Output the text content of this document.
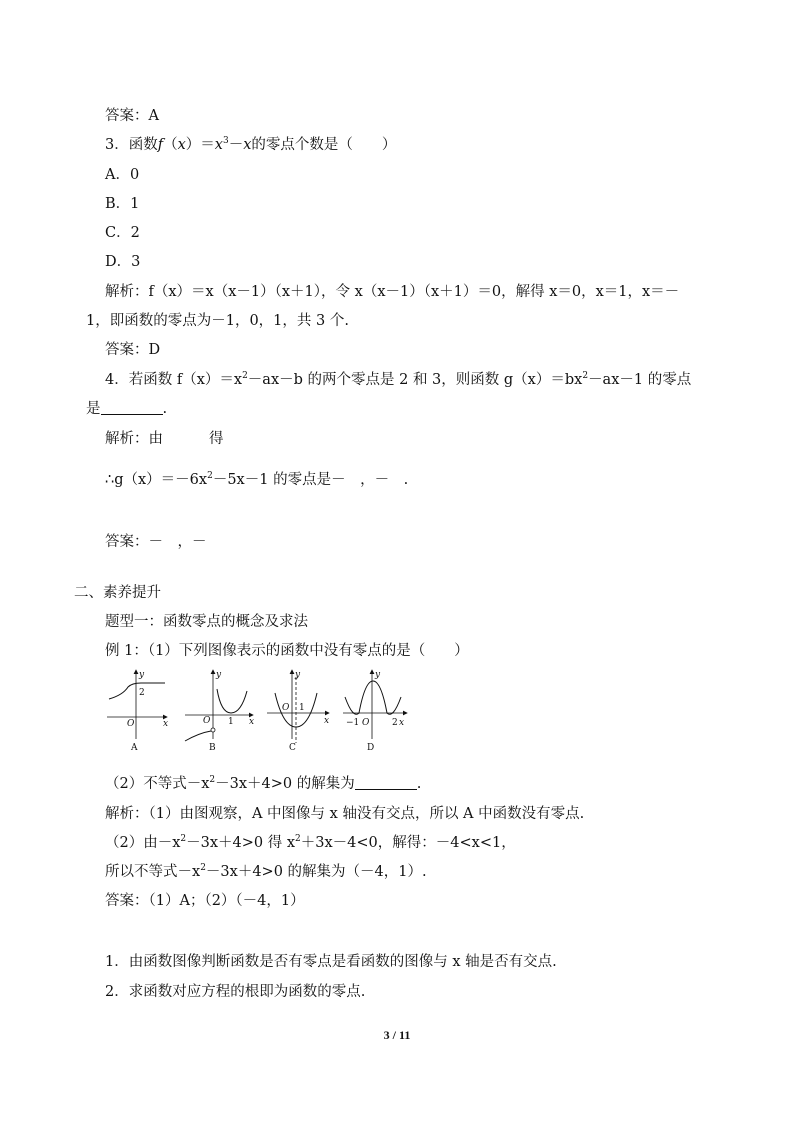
答案：A
3．函数$f(x)=x^3-x$的零点个数是（　　）
A．0
B．1
C．2
D．3
解析：f（x）＝x（x－1）（x＋1），令 x（x－1）（x＋1）＝0，解得 x＝0，x＝1，x＝－
1，即函数的零点为－1，0，1，共 3 个.
答案：D
4．若函数 $f(x)=x^2-ax-b$ 的两个零点是 2 和 3，则函数 $g(x)=bx^2-ax-1$ 的零点
是	.
解析：由	得
$\therefore g(x)=-6x^2-5x-1$ 的零点是－　，－　.
答案：－　，－
二、素养提升
题型一：函数零点的概念及求法
例 1：（1）下列图像表示的函数中没有零点的是（　　）
y
2
O	x
A
y
O 1 x
B
y
O 1
x
C
y
−1 O	2 x
D
（2）不等式$-x^2-3x+4>0$ 的解集为	.
解析：（1）由图观察，A 中图像与 x 轴没有交点，所以 A 中函数没有零点.
（2）由$-x^2-3x+4>0$ 得 $x^2+3x-4<0$，解得：－4<x<1，
所以不等式$-x^2-3x+4>0$ 的解集为（－4，1）.
答案：（1）A；（2）（－4，1）
1．由函数图像判断函数是否有零点是看函数的图像与 x 轴是否有交点.
2．求函数对应方程的根即为函数的零点.
3 / 11
